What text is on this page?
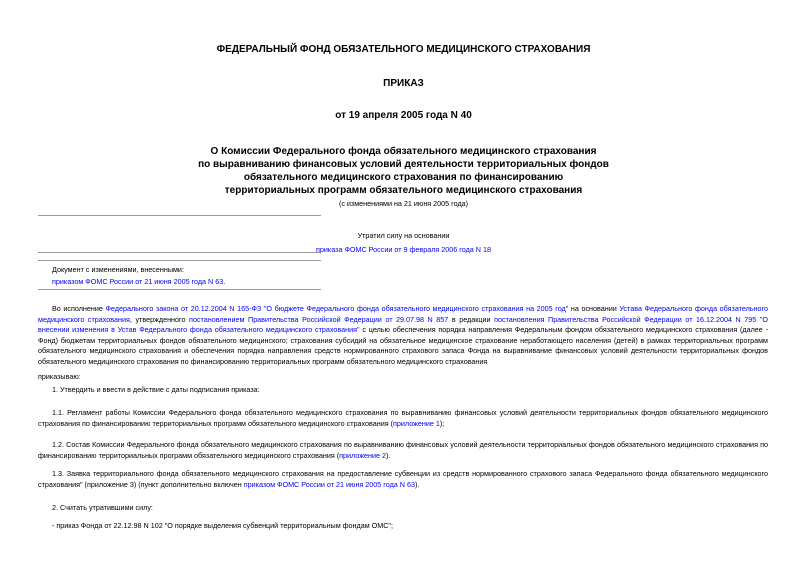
ФЕДЕРАЛЬНЫЙ ФОНД ОБЯЗАТЕЛЬНОГО МЕДИЦИНСКОГО СТРАХОВАНИЯ
ПРИКАЗ
от 19 апреля 2005 года N 40
О Комиссии Федерального фонда обязательного медицинского страхования
по выравниванию финансовых условий деятельности территориальных фондов
обязательного медицинского страхования по финансированию
территориальных программ обязательного медицинского страхования
(с изменениями на 21 июня 2005 года)
Утратил силу на основании
приказа ФОМС России от 9 февраля 2006 года N 18
Документ с изменениями, внесенными:
приказом ФОМС России от 21 июня 2005 года N 63.
Во исполнение Федерального закона от 20.12.2004 N 165-ФЗ "О бюджете Федерального фонда обязательного медицинского страхования на 2005 год" на основании Устава Федерального фонда обязательного медицинского страхования, утвержденного постановлением Правительства Российской Федерации от 29.07.98 N 857 в редакции постановления Правительства Российской Федерации от 16.12.2004 N 795 "О внесении изменения в Устав Федерального фонда обязательного медицинского страхования" с целью обеспечения порядка направления Федеральным фондом обязательного медицинского страхования (далее - Фонд) бюджетам территориальных фондов обязательного медицинского; страхования субсидий на обязательное медицинское страхование неработающего населения (детей) в рамках территориальных программ обязательного медицинского страхования и обеспечения порядка направления средств нормированного страхового запаса Фонда на выравнивание финансовых условий деятельности территориальных фондов обязательного медицинского страхования по финансированию территориальных программ обязательного медицинского страхования
приказываю:
1. Утвердить и ввести в действие с даты подписания приказа:
1.1. Регламент работы Комиссии Федерального фонда обязательного медицинского страхования по выравниванию финансовых условий деятельности территориальных фондов обязательного медицинского страхования по финансированию территориальных программ обязательного медицинского страхования (приложение 1);
1.2. Состав Комиссии Федерального фонда обязательного медицинского страхования по выравниванию финансовых условий деятельности территориальных фондов обязательного медицинского страхования по финансированию территориальных программ обязательного медицинского страхования (приложение 2).
1.3. Заявка территориального фонда обязательного медицинского страхования на предоставление субвенции из средств нормированного страхового запаса Федерального фонда обязательного медицинского страхования" (приложение 3) (пункт дополнительно включен приказом ФОМС России от 21 июня 2005 года N 63).
2. Считать утратившими силу:
- приказ Фонда от 22.12.98 N 102 "О порядке выделения субвенций территориальным фондам ОМС";
